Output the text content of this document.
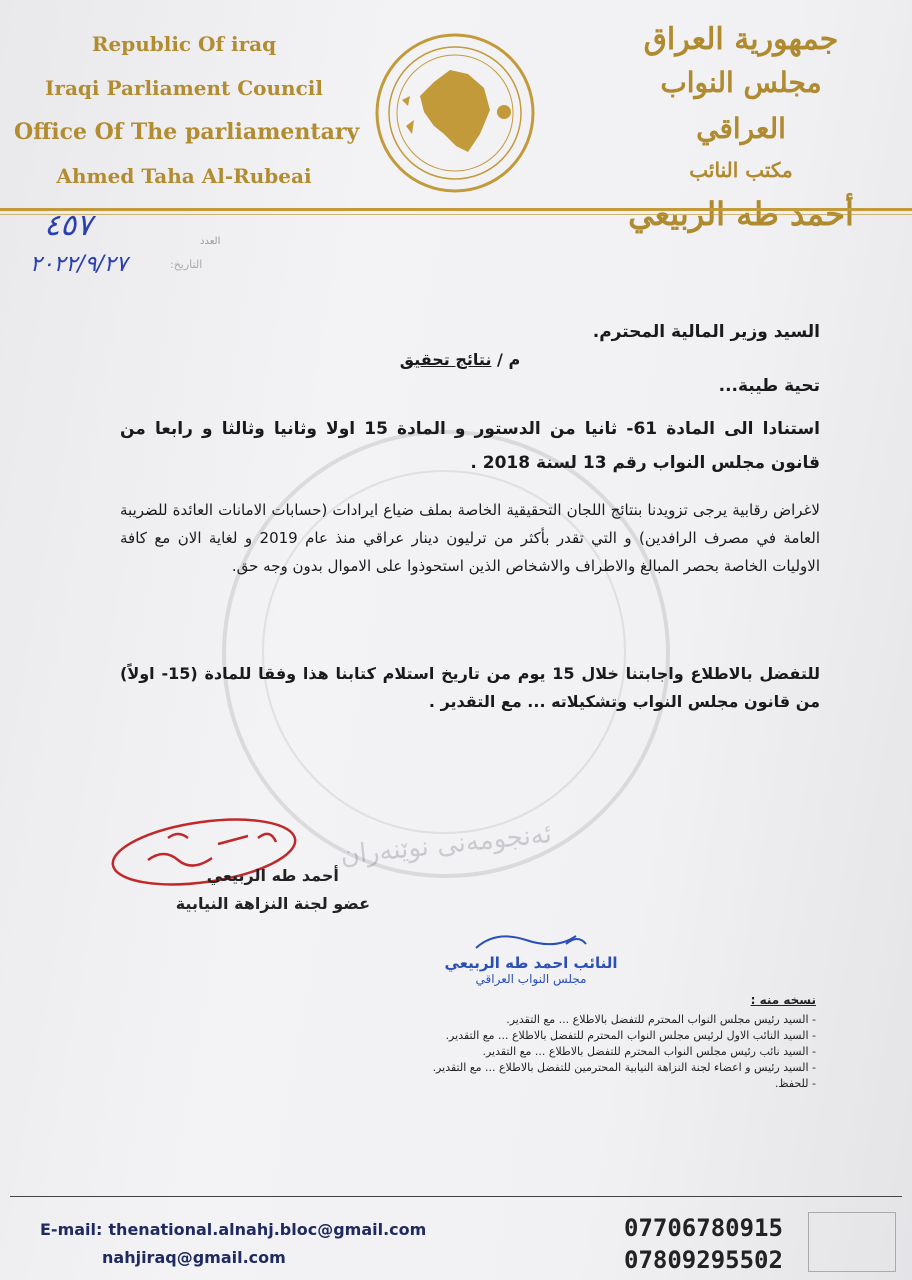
Republic Of iraq
Iraqi Parliament Council
Office Of The parliamentary
Ahmed Taha Al-Rubeai
جمهورية العراق
مجلس النواب العراقي
مكتب النائب
٤٥٧	العدد
التاريخ:
٢٠٢٢/٩/٢٧
ئەنجومەنی نوێنەران
السيد وزير المالية المحترم.
م / نتائج تحقيق
تحية طيبة...
استنادا الى المادة 61- ثانيا من الدستور و المادة 15 اولا وثانيا وثالثا و رابعا من قانون مجلس النواب رقم 13 لسنة 2018 .
لاغراض رقابية يرجى تزويدنا بنتائج اللجان التحقيقية الخاصة بملف ضياع ايرادات (حسابات الامانات العائدة للضريبة العامة في مصرف الرافدين) و التي تقدر بأكثر من ترليون دينار عراقي منذ عام 2019 و لغاية الان مع كافة الاوليات الخاصة بحصر المبالغ والاطراف والاشخاص الذين استحوذوا على الاموال بدون وجه حق.
للتفضل بالاطلاع واجابتنا خلال 15 يوم من تاريخ استلام كتابنا هذا وفقا للمادة (15- اولاً) من قانون مجلس النواب وتشكيلاته ... مع التقدير .
أحمد طه الربيعي
عضو لجنة النزاهة النيابية
النائب احمد طه الربيعي
مجلس النواب العراقي
نسخه منه :
- السيد رئيس مجلس النواب المحترم للتفضل بالاطلاع ... مع التقدير.
- السيد النائب الاول لرئيس مجلس النواب المحترم للتفضل بالاطلاع ... مع التقدير.
- السيد نائب رئيس مجلس النواب المحترم للتفضل بالاطلاع ... مع التقدير.
- السيد رئيس و اعضاء لجنة النزاهة النيابية المحترمين للتفضل بالاطلاع ... مع التقدير.
- للحفظ.
E-mail: thenational.alnahj.bloc@gmail.com
nahjiraq@gmail.com
07706780915
07809295502
